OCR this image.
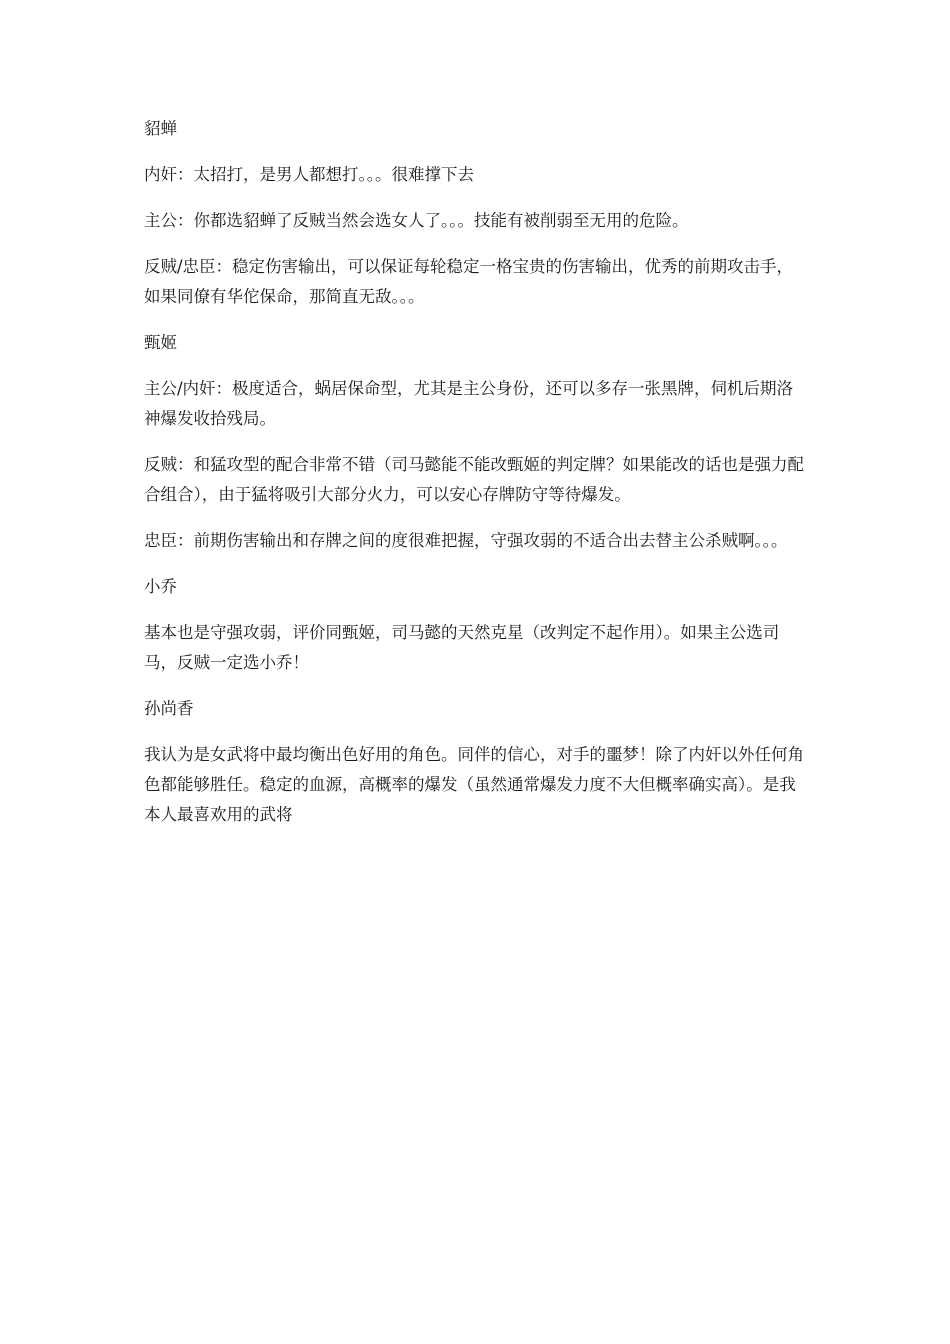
貂蝉
内奸：太招打，是男人都想打。。。很难撑下去
主公：你都选貂蝉了反贼当然会选女人了。。。技能有被削弱至无用的危险。
反贼/忠臣：稳定伤害输出，可以保证每轮稳定一格宝贵的伤害输出，优秀的前期攻击手，如果同僚有华佗保命，那简直无敌。。。
甄姬
主公/内奸：极度适合，蜗居保命型，尤其是主公身份，还可以多存一张黑牌，伺机后期洛神爆发收拾残局。
反贼：和猛攻型的配合非常不错（司马懿能不能改甄姬的判定牌？如果能改的话也是强力配合组合），由于猛将吸引大部分火力，可以安心存牌防守等待爆发。
忠臣：前期伤害输出和存牌之间的度很难把握，守强攻弱的不适合出去替主公杀贼啊。。。
小乔
基本也是守强攻弱，评价同甄姬，司马懿的天然克星（改判定不起作用）。如果主公选司马，反贼一定选小乔！
孙尚香
我认为是女武将中最均衡出色好用的角色。同伴的信心，对手的噩梦！除了内奸以外任何角色都能够胜任。稳定的血源，高概率的爆发（虽然通常爆发力度不大但概率确实高）。是我本人最喜欢用的武将
